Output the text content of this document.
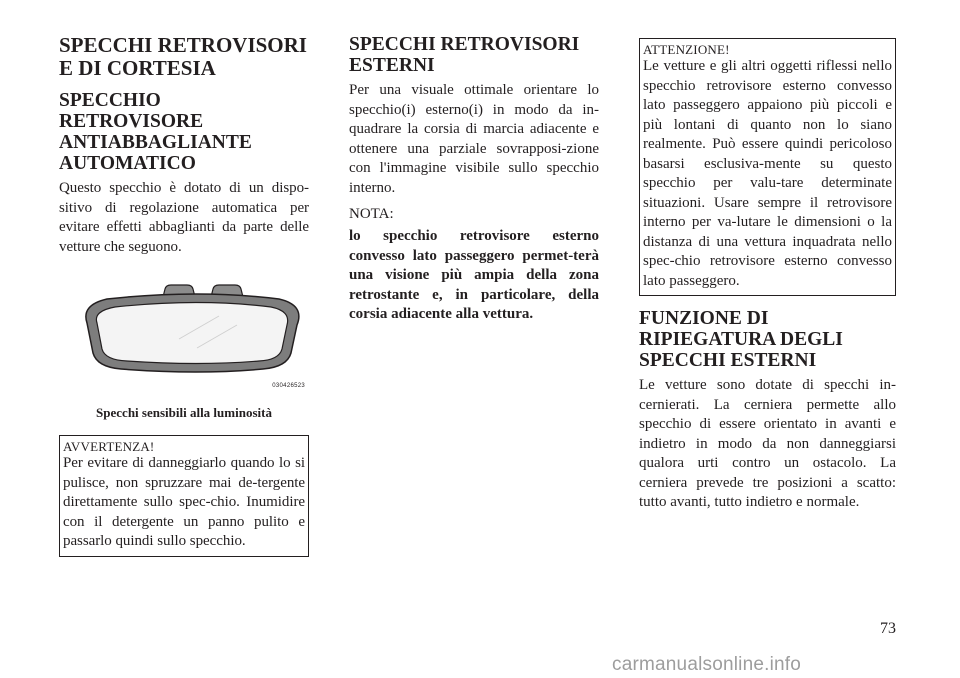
SPECCHI RETROVISORI
E DI CORTESIA
SPECCHIO RETROVISORE ANTIABBAGLIANTE AUTOMATICO

Questo specchio è dotato di un dispo-sitivo di regolazione automatica per evitare effetti abbaglianti da parte delle vetture che seguono.

030426523
Specchi sensibili alla luminosità
AVVERTENZA!

Per evitare di danneggiarlo quando lo si pulisce, non spruzzare mai de-tergente direttamente sullo spec-chio. Inumidire con il detergente un panno pulito e passarlo quindi sullo specchio.

SPECCHI RETROVISORI ESTERNI

Per una visuale ottimale orientare lo specchio(i) esterno(i) in modo da in-quadrare la corsia di marcia adiacente e ottenere una parziale sovrapposi-zione con l'immagine visibile sullo specchio interno.

NOTA:

lo specchio retrovisore esterno convesso lato passeggero permet-terà una visione più ampia della zona retrostante e, in particolare, della corsia adiacente alla vettura.

ATTENZIONE!

Le vetture e gli altri oggetti riflessi nello specchio retrovisore esterno convesso lato passeggero appaiono più piccoli e più lontani di quanto non lo siano realmente. Può essere quindi pericoloso basarsi esclusiva-mente su questo specchio per valu-tare determinate situazioni. Usare sempre il retrovisore interno per va-lutare le dimensioni o la distanza di una vettura inquadrata nello spec-chio retrovisore esterno convesso lato passeggero.

FUNZIONE DI RIPIEGATURA DEGLI SPECCHI ESTERNI

Le vetture sono dotate di specchi in-cernierati. La cerniera permette allo specchio di essere orientato in avanti e indietro in modo da non danneggiarsi qualora urti contro un ostacolo. La cerniera prevede tre posizioni a scatto: tutto avanti, tutto indietro e normale.

73
carmanualsonline.info
